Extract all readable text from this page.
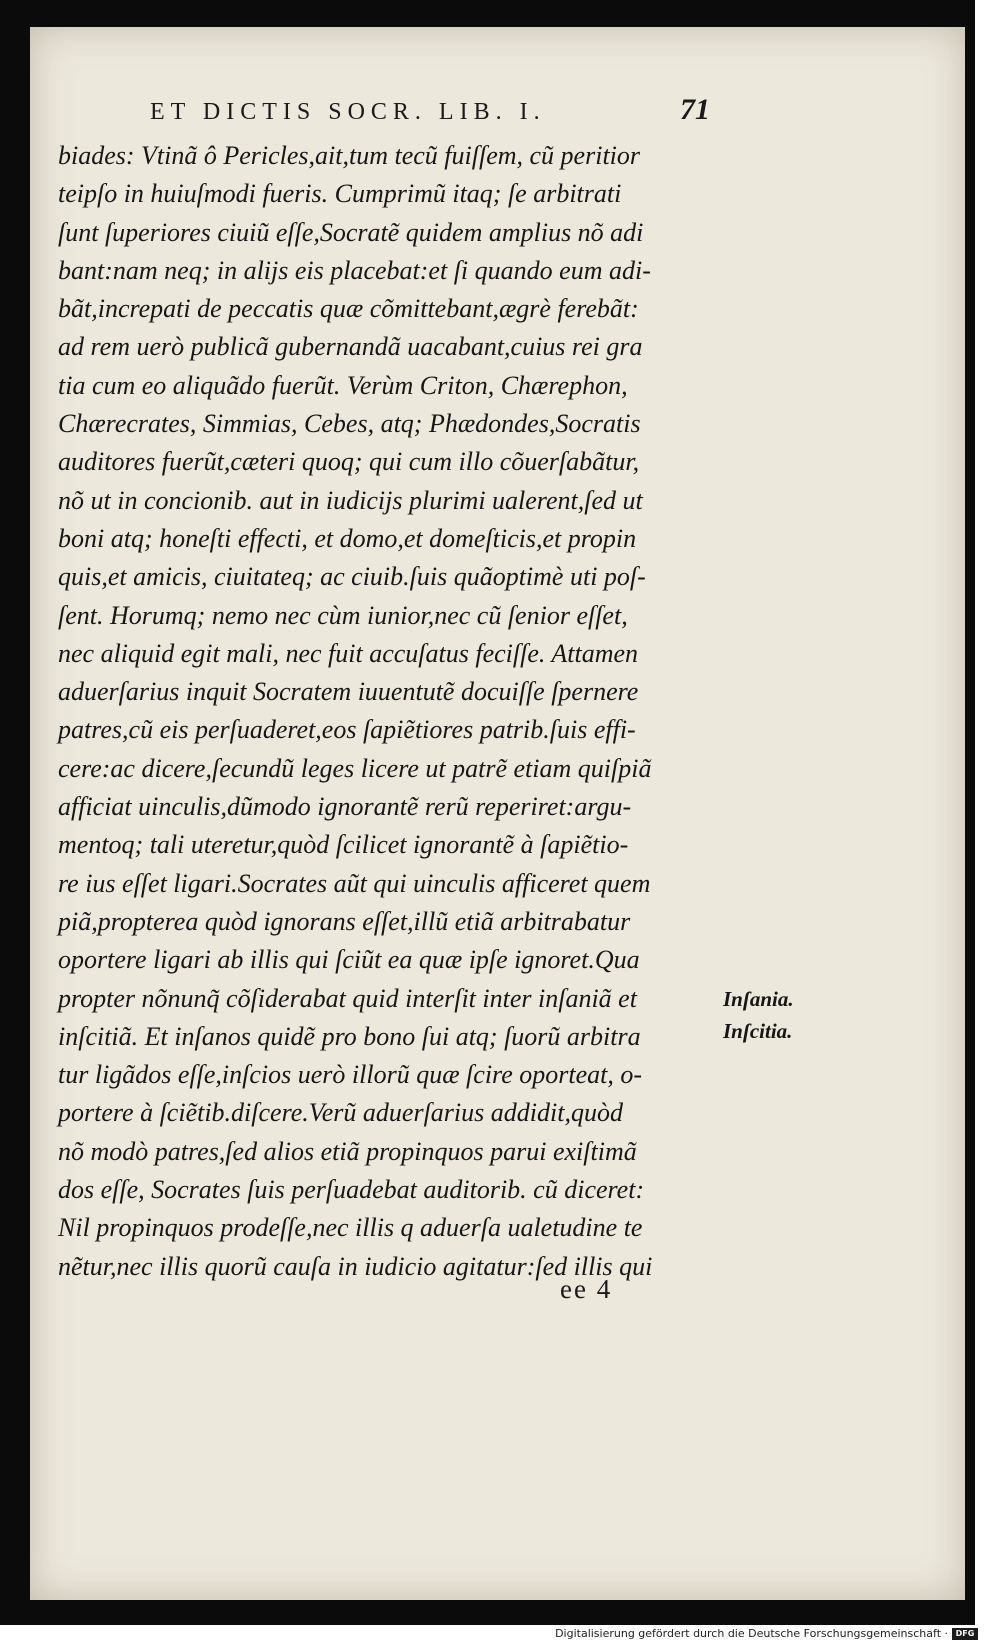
ET DICTIS SOCR. LIB. I.	71
biades: Vtinã ô Pericles,ait,tum tecũ fuiſſem, cũ peritior
teipſo in huiuſmodi fueris. Cumprimũ itaq; ſe arbitrati
ſunt ſuperiores ciuiũ eſſe,Socratẽ quidem amplius nõ adi
bant:nam neq; in aliјs eis placebat:et ſi quando eum adi-
bãt,increpati de peccatis quæ cõmittebant,ægrè ferebãt:
ad rem uerò publicã gubernandã uacabant,cuius rei gra
tia cum eo aliquãdo fuerũt. Verùm Criton, Chærephon,
Chærecrates, Simmias, Cebes, atq; Phædondes,Socratis
auditores fuerũt,cæteri quoq; qui cum illo cõuerſabãtur,
nõ ut in concionib. aut in iudicijs plurimi ualerent,ſed ut
boni atq; honeſti effecti, et domo,et domeſticis,et propin
quis,et amicis, ciuitateq; ac ciuib.ſuis quãoptimè uti poſ-
ſent. Horumq; nemo nec cùm iunior,nec cũ ſenior eſſet,
nec aliquid egit mali, nec fuit accuſatus feciſſe. Attamen
aduerſarius inquit Socratem iuuentutẽ docuiſſe ſpernere
patres,cũ eis perſuaderet,eos ſapiẽtiores patrib.ſuis effi-
cere:ac dicere,ſecundũ leges licere ut patrẽ etiam quiſpiã
afficiat uinculis,dũmodo ignorantẽ rerũ reperiret:argu-
mentoq; tali uteretur,quòd ſcilicet ignorantẽ à ſapiẽtio-
re ius eſſet ligari.Socrates aũt qui uinculis afficeret quem
piã,propterea quòd ignorans eſſet,illũ etiã arbitrabatur
oportere ligari ab illis qui ſciũt ea quæ ipſe ignoret.Qua
propter nõnunq̃ cõſiderabat quid interſit inter inſaniã et
inſcitiã. Et inſanos quidẽ pro bono ſui atq; ſuorũ arbitra
tur ligãdos eſſe,inſcios uerò illorũ quæ ſcire oporteat, o-
portere à ſciẽtib.diſcere.Verũ aduerſarius addidit,quòd
nõ modò patres,ſed alios etiã propinquos parui exiſtimã
dos eſſe, Socrates ſuis perſuadebat auditorib. cũ diceret:
Nil propinquos prodeſſe,nec illis q aduerſa ualetudine te
nẽtur,nec illis quorũ cauſa in iudicio agitatur:ſed illis qui
Inſania.
Inſcitia.
ee 4
Digitalisierung gefördert durch die Deutsche Forschungsgemeinschaft · DFG
